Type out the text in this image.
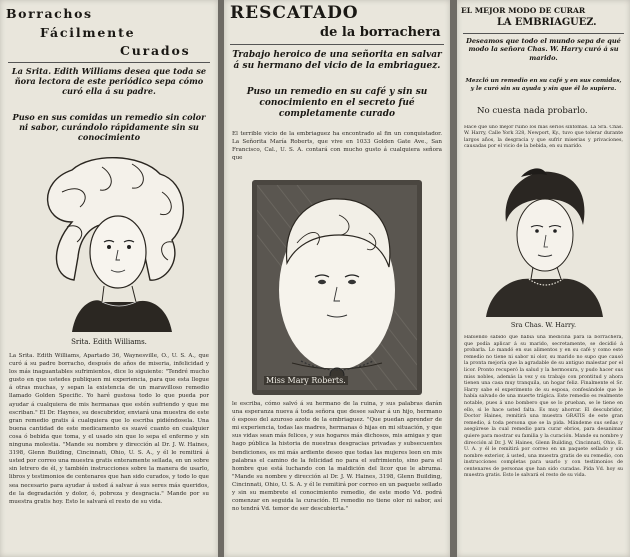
Borrachos

Fácilmente

Curados

La Srita. Edith Williams desea que toda se ñora lectora de este periódico sepa cómo curó ella á su padre.

Puso en sus comidas un remedio sin color ni sabor, curándolo rápidamente sin su conocimiento

Srita. Edith Williams.

La Srita. Edith Williams, Apartado 36, Waynesville, O., U. S. A., que curó á su padre borracho, después de años de miseria, infelicidad y los más inaguantables sufrimientos, dice lo siguiente: "Tendré mucho gusto en que ustedes publiquen mi experiencia, para que esta llegue á otras muchas, y sepan la existencia de un maravilloso remedio llamado Golden Specific. Yo haré gustosa todo lo que pueda por ayudar á cualquiera de mis hermanas que estén sufriendo y que me escriban." El Dr. Haynes, su descubridor, enviará una muestra de este gran remedio gratis á cualquiera que lo escriba pidiéndosela. Una buena cantidad de este medicamento es suavé cuanto en cualquier cosa ó bebida que toma, y el usado sin que lo sepa el enfermo y sin ninguna molestia. "Mande su nombre y dirección al Dr. J. W. Haines, 3198, Glenn Building, Cincinnati, Ohio, U. S. A., y él le remitirá á usted por correo una muestra gratis enteramente sellada, en un sobre sin letrero de él, y también instrucciones sobre la manera de usarlo, libros y testimonios de centenares que han sido curados, y todo lo que sea necesario para ayudar á usted á salvar á sus seres más queridos, de la degradación y dolor, ó, pobreza y desgracia." Mande por su muestra gratis hoy. Esto le salvará el resto de su vida.

RESCATADO

de la borrachera

Trabajo heroico de una señorita en salvar á su hermano del vicio de la embriaguez.

Puso un remedio en su café y sin su conocimiento en el secreto fué completamente curado

El terrible vicio de la embriaguez ha encontrado al fin un conquistador. La Señorita María Roberts, que vive en 1033 Golden Gate Ave., San Francisco, Cal., U. S. A. contará con mucho gusto á cualquiera señora que

Miss Mary Roberts.

le escriba, cómo salvó á su hermano de la ruina, y sus palabras darán una esperanza nueva á toda señora que desee salvar á un hijo, hermano ó esposo del azuroso azote de la embriaguez. "Que puedan aprender de mi experiencia, todas las madres, hermanas ó hijas en mi situación, y que sus vidas sean más felices, y sus hogares más dichosos, mis amigas y que hago pública la historia de nuestras desgracias privadas y subsecuentes bendiciones, es mi más ardiente deseo que todas las mujeres leen en mis palabras el camino de la felicidad no para el sufrimiento, sino para el hombre que está luchando con la maldición del licor que le abruma. "Mande su nombre y dirección al Dr. J. W. Haines, 3198, Glenn Building, Cincinnati, Ohio, U. S. A. y él le remitirá por correo en un paquete sellado y sin su membrete el conocimiento remedio, de este modo Vd. podrá comenzar en seguida la curación. El remedio no tiene olor ni sabor, así no tendrá Vd. temor de ser descubierta."

EL MEJOR MODO DE CURAR

LA EMBRIAGUEZ.

Deseamos que todo el mundo sepa de qué modo la señora Chas. W. Harry curó á su marido.

Mezcló un remedio en su café y en sus comidas, y le curó sin su ayuda y sin que él lo supiera.

No cuesta nada probarlo.

Hace que uno mejor ruíno los más serios síntomas. La Sra. Chas. W. Harry, Calle York 328, Newport, Ky., tuvo que tolerar durante largos años, la desgracia y que sufrir miserias y privaciones, causadas por el vicio de la bebida, en su marido.

Sra Chas. W. Harry.

Habiendo sabido que había una medicina para la borrachera, que podía aplicar á su marido, secretamente, se decidió á probarla. Lo mandó en sus alimentos y en su café y como este remedio no tiene ni sabor ni olor, su marido no supo que causó la pronta mejoría que la agradable de su antiguo malestar por el licor. Pronto recuperó la salud y la hermosura, y pudo hacer sus miss nobles, además la vez y su trabajo con prontitud y ahora tienen una casa muy tranquila, un hogar feliz. Finalmente el Sr. Harry sabe el experimento de su esposa, confesándole que le había salvado de una muerte trágica. Este remedio es realmente notable, pues á uno bombero que se lo prueban, se le tiene en ello, si le hace usted falta. Es muy ahorrar. El descubridor, Doctor Haines, remitirá una muestra GRATIS de este gran remedio, á toda persona que se la pida. Mándeme sus señas y asegúrese la cual remedio para curar ebrios, para desanimar quiere para mostrar su familia y la curación. Mande su nombre y dirección al Dr. J. W. Haines, Glenn Building, Cincinnati, Ohio, E. U. A. y él le remitirá por correo en un paquete sellado y sin nombre exterior, á usted, una muestra gratis de su remedio, con instrucciones completas para usarlo y con testimonios de centenares de personas que han sido curadas. Pida Vd. hoy su muestra gratis. Esto le salvará el resto de su vida.
